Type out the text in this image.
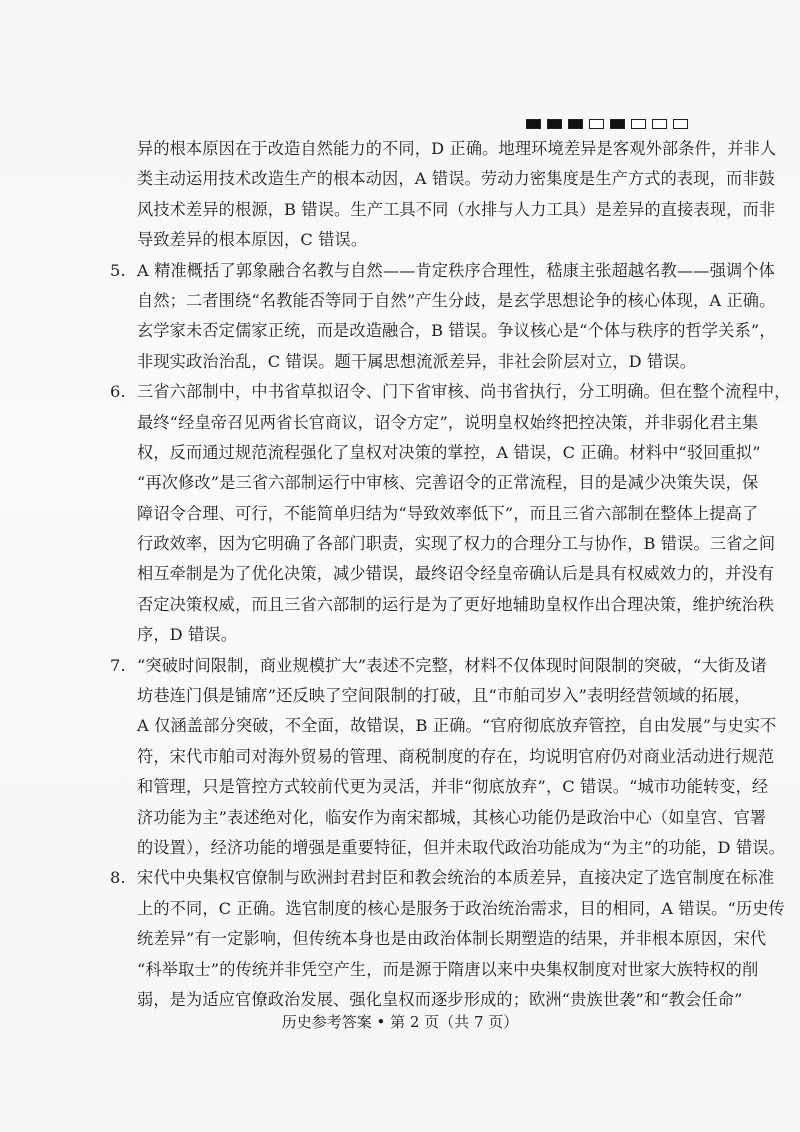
异的根本原因在于改造自然能力的不同，D 正确。地理环境差异是客观外部条件，并非人
类主动运用技术改造生产的根本动因，A 错误。劳动力密集度是生产方式的表现，而非鼓
风技术差异的根源，B 错误。生产工具不同（水排与人力工具）是差异的直接表现，而非
导致差异的根本原因，C 错误。
5. A 精准概括了郭象融合名教与自然——肯定秩序合理性，嵇康主张超越名教——强调个体
自然；二者围绕“名教能否等同于自然”产生分歧，是玄学思想论争的核心体现，A 正确。
玄学家未否定儒家正统，而是改造融合，B 错误。争议核心是“个体与秩序的哲学关系”，
非现实政治治乱，C 错误。题干属思想流派差异，非社会阶层对立，D 错误。
6. 三省六部制中，中书省草拟诏令、门下省审核、尚书省执行，分工明确。但在整个流程中，
最终“经皇帝召见两省长官商议，诏令方定”，说明皇权始终把控决策，并非弱化君主集
权，反而通过规范流程强化了皇权对决策的掌控，A 错误，C 正确。材料中“驳回重拟”
“再次修改”是三省六部制运行中审核、完善诏令的正常流程，目的是减少决策失误，保
障诏令合理、可行，不能简单归结为“导致效率低下”，而且三省六部制在整体上提高了
行政效率，因为它明确了各部门职责，实现了权力的合理分工与协作，B 错误。三省之间
相互牵制是为了优化决策，减少错误，最终诏令经皇帝确认后是具有权威效力的，并没有
否定决策权威，而且三省六部制的运行是为了更好地辅助皇权作出合理决策，维护统治秩
序，D 错误。
7. “突破时间限制，商业规模扩大”表述不完整，材料不仅体现时间限制的突破，“大街及诸
坊巷连门俱是铺席”还反映了空间限制的打破，且“市舶司岁入”表明经营领域的拓展，
A 仅涵盖部分突破，不全面，故错误，B 正确。“官府彻底放弃管控，自由发展”与史实不
符，宋代市舶司对海外贸易的管理、商税制度的存在，均说明官府仍对商业活动进行规范
和管理，只是管控方式较前代更为灵活，并非“彻底放弃”，C 错误。“城市功能转变，经
济功能为主”表述绝对化，临安作为南宋都城，其核心功能仍是政治中心（如皇宫、官署
的设置），经济功能的增强是重要特征，但并未取代政治功能成为“为主”的功能，D 错误。
8. 宋代中央集权官僚制与欧洲封君封臣和教会统治的本质差异，直接决定了选官制度在标准
上的不同，C 正确。选官制度的核心是服务于政治统治需求，目的相同，A 错误。“历史传
统差异”有一定影响，但传统本身也是由政治体制长期塑造的结果，并非根本原因，宋代
“科举取士”的传统并非凭空产生，而是源于隋唐以来中央集权制度对世家大族特权的削
弱，是为适应官僚政治发展、强化皇权而逐步形成的；欧洲“贵族世袭”和“教会任命”
历史参考答案 • 第 2 页（共 7 页）
